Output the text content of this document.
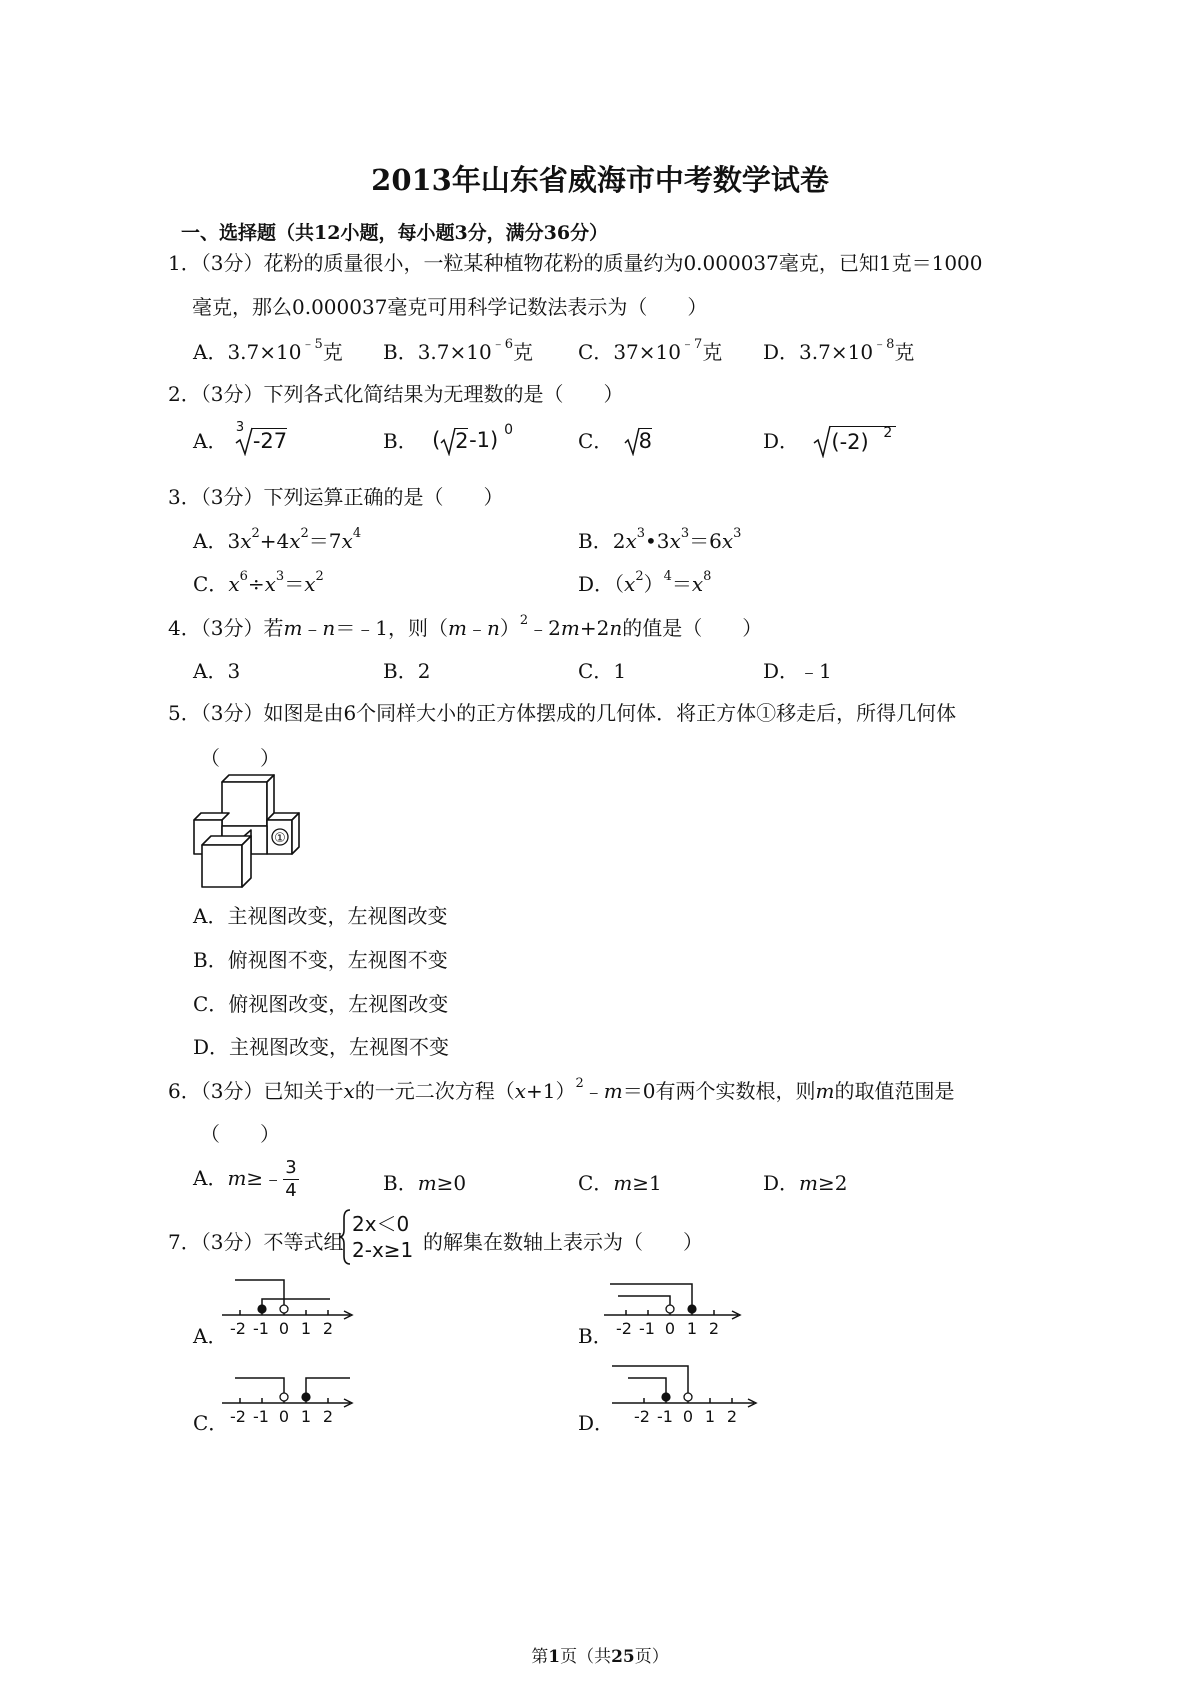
2013年山东省威海市中考数学试卷
一、选择题（共12小题，每小题3分，满分36分）
1．（3分）花粉的质量很小，一粒某种植物花粉的质量约为0.000037毫克，已知1克＝1000
毫克，那么0.000037毫克可用科学记数法表示为（　　）
A．$3.7\times 10^{﹣5}$克 B．$3.7\times 10^{﹣6}$克 C．$37\times 10^{﹣7}$克 D．$3.7\times 10^{﹣8}$克
2．（3分）下列各式化简结果为无理数的是（　　）
A．
3
-27	B． ( 2 -1) 0	C． 8	D． (-2) 2
3．（3分）下列运算正确的是（　　）
A．$3x^2+4x^2=7x^4$	B．$2x^3•3x^3=6x^3$
C．$x^6\div x^3=x^2$	D．$(x^2)^4=x^8$
4．（3分）若m﹣n＝﹣1，则（m﹣n）$^2$﹣2m+2n的值是（　　）
A．3	B．2	C．1	D．﹣1
5．（3分）如图是由6个同样大小的正方体摆成的几何体．将正方体①移走后，所得几何体
（　　）
①
A．主视图改变，左视图改变
B．俯视图不变，左视图不变
C．俯视图改变，左视图改变
D．主视图改变，左视图不变
6．（3分）已知关于x的一元二次方程$(x+1)^2﹣m=0$有两个实数根，则m的取值范围是
（　　）
A．m≥﹣ $\frac{3}{4}$	B．m≥0	C．m≥1	D．m≥2
7．（3分）不等式组
2x＜0
2-x≥1 的解集在数轴上表示为（　　）
A． -2 -1 0 1 2	B． -2 -1 0 1 2
C． -2 -1 0 1 2	D． -2 -1 0 1 2
第1页（共25页）
